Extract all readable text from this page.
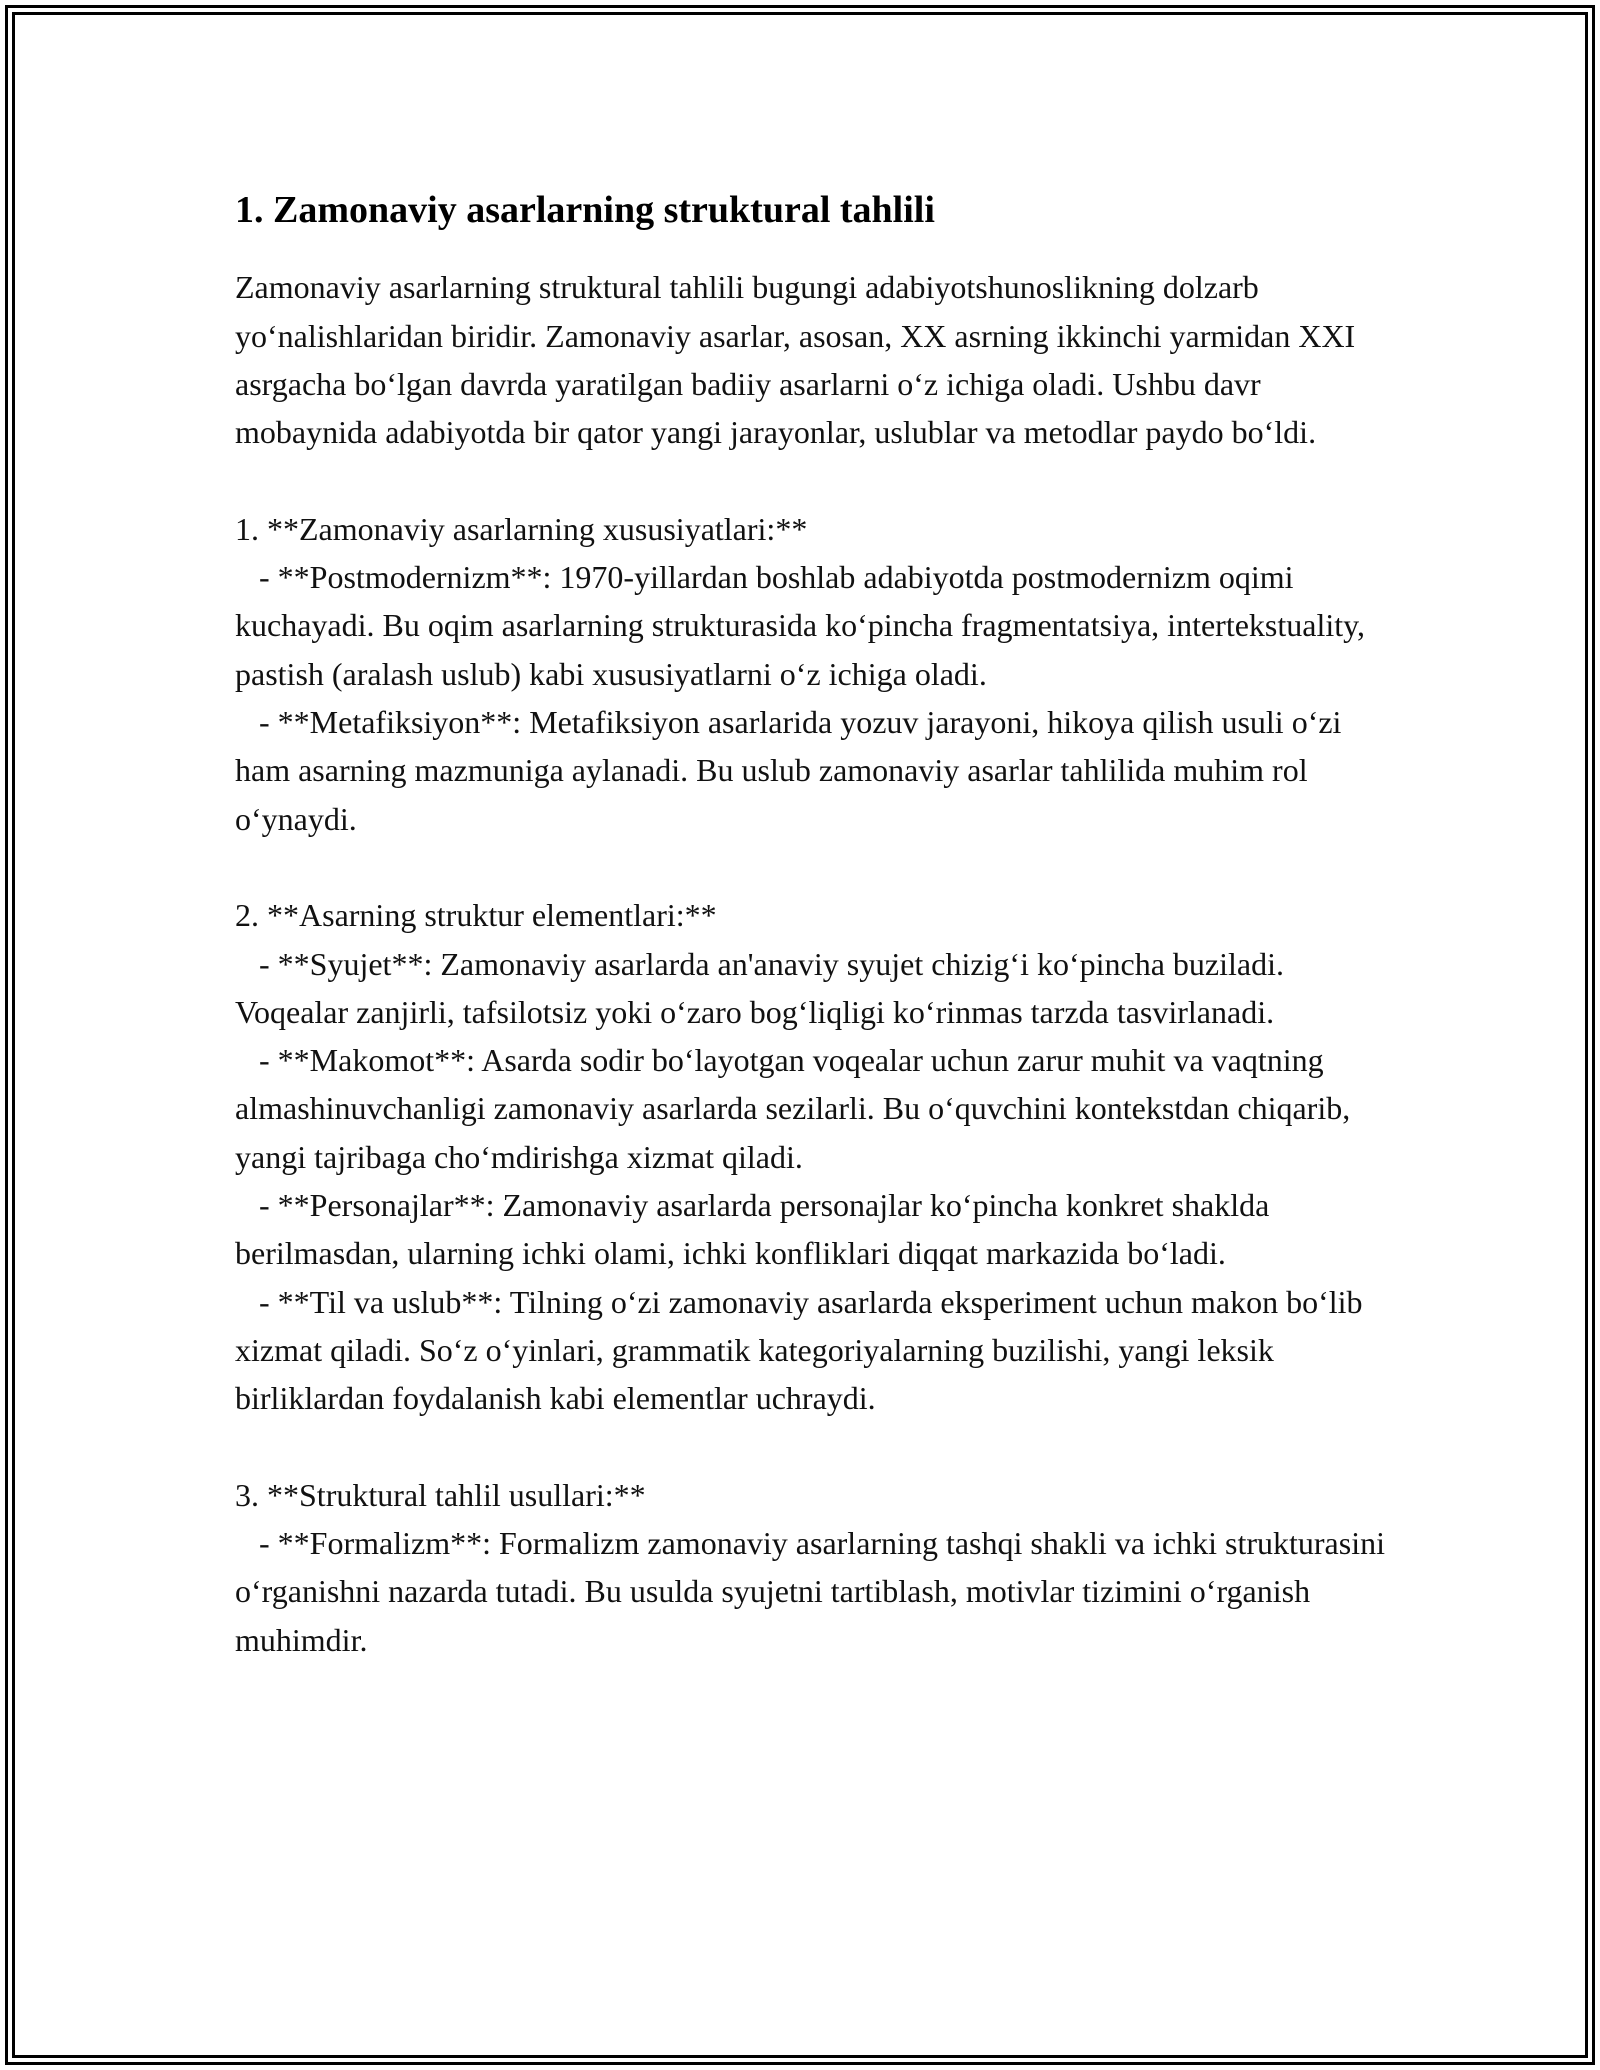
1. Zamonaviy asarlarning struktural tahlili

Zamonaviy asarlarning struktural tahlili bugungi adabiyotshunoslikning dolzarb yo‘nalishlaridan biridir. Zamonaviy asarlar, asosan, XX asrning ikkinchi yarmidan XXI asrgacha bo‘lgan davrda yaratilgan badiiy asarlarni o‘z ichiga oladi. Ushbu davr mobaynida adabiyotda bir qator yangi jarayonlar, uslublar va metodlar paydo bo‘ldi.

1. **Zamonaviy asarlarning xususiyatlari:**

- **Postmodernizm**: 1970-yillardan boshlab adabiyotda postmodernizm oqimi kuchayadi. Bu oqim asarlarning strukturasida ko‘pincha fragmentatsiya, intertekstuality, pastish (aralash uslub) kabi xususiyatlarni o‘z ichiga oladi.

- **Metafiksiyon**: Metafiksiyon asarlarida yozuv jarayoni, hikoya qilish usuli o‘zi ham asarning mazmuniga aylanadi. Bu uslub zamonaviy asarlar tahlilida muhim rol o‘ynaydi.

2. **Asarning struktur elementlari:**

- **Syujet**: Zamonaviy asarlarda an'anaviy syujet chizig‘i ko‘pincha buziladi. Voqealar zanjirli, tafsilotsiz yoki o‘zaro bog‘liqligi ko‘rinmas tarzda tasvirlanadi.

- **Makomot**: Asarda sodir bo‘layotgan voqealar uchun zarur muhit va vaqtning almashinuvchanligi zamonaviy asarlarda sezilarli. Bu o‘quvchini kontekstdan chiqarib, yangi tajribaga cho‘mdirishga xizmat qiladi.

- **Personajlar**: Zamonaviy asarlarda personajlar ko‘pincha konkret shaklda berilmasdan, ularning ichki olami, ichki konfliklari diqqat markazida bo‘ladi.

- **Til va uslub**: Tilning o‘zi zamonaviy asarlarda eksperiment uchun makon bo‘lib xizmat qiladi. So‘z o‘yinlari, grammatik kategoriyalarning buzilishi, yangi leksik birliklardan foydalanish kabi elementlar uchraydi.

3. **Struktural tahlil usullari:**

- **Formalizm**: Formalizm zamonaviy asarlarning tashqi shakli va ichki strukturasini o‘rganishni nazarda tutadi. Bu usulda syujetni tartiblash, motivlar tizimini o‘rganish muhimdir.
